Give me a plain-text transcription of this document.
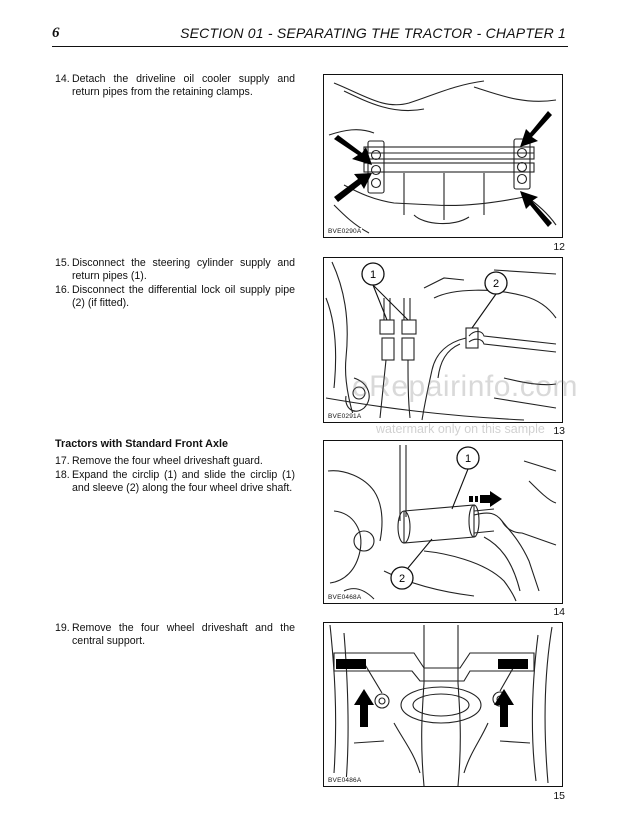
6	SECTION 01 - SEPARATING THE TRACTOR - CHAPTER 1
14. Detach the driveline oil cooler supply and return pipes from the retaining clamps.
BVE0290A
12
15. Disconnect the steering cylinder supply and return pipes (1).
16. Disconnect the differential lock oil supply pipe (2) (if fitted).
1
2
BVE0291A
13
Tractors with Standard Front Axle
17. Remove the four wheel driveshaft guard.
18. Expand the circlip (1) and slide the circlip (1) and sleeve (2) along the four wheel drive shaft.
1
2
BVE0468A
14
19. Remove the four wheel driveshaft and the central support.
BVE0486A
15
eRepairinfo.com
watermark only on this sample
